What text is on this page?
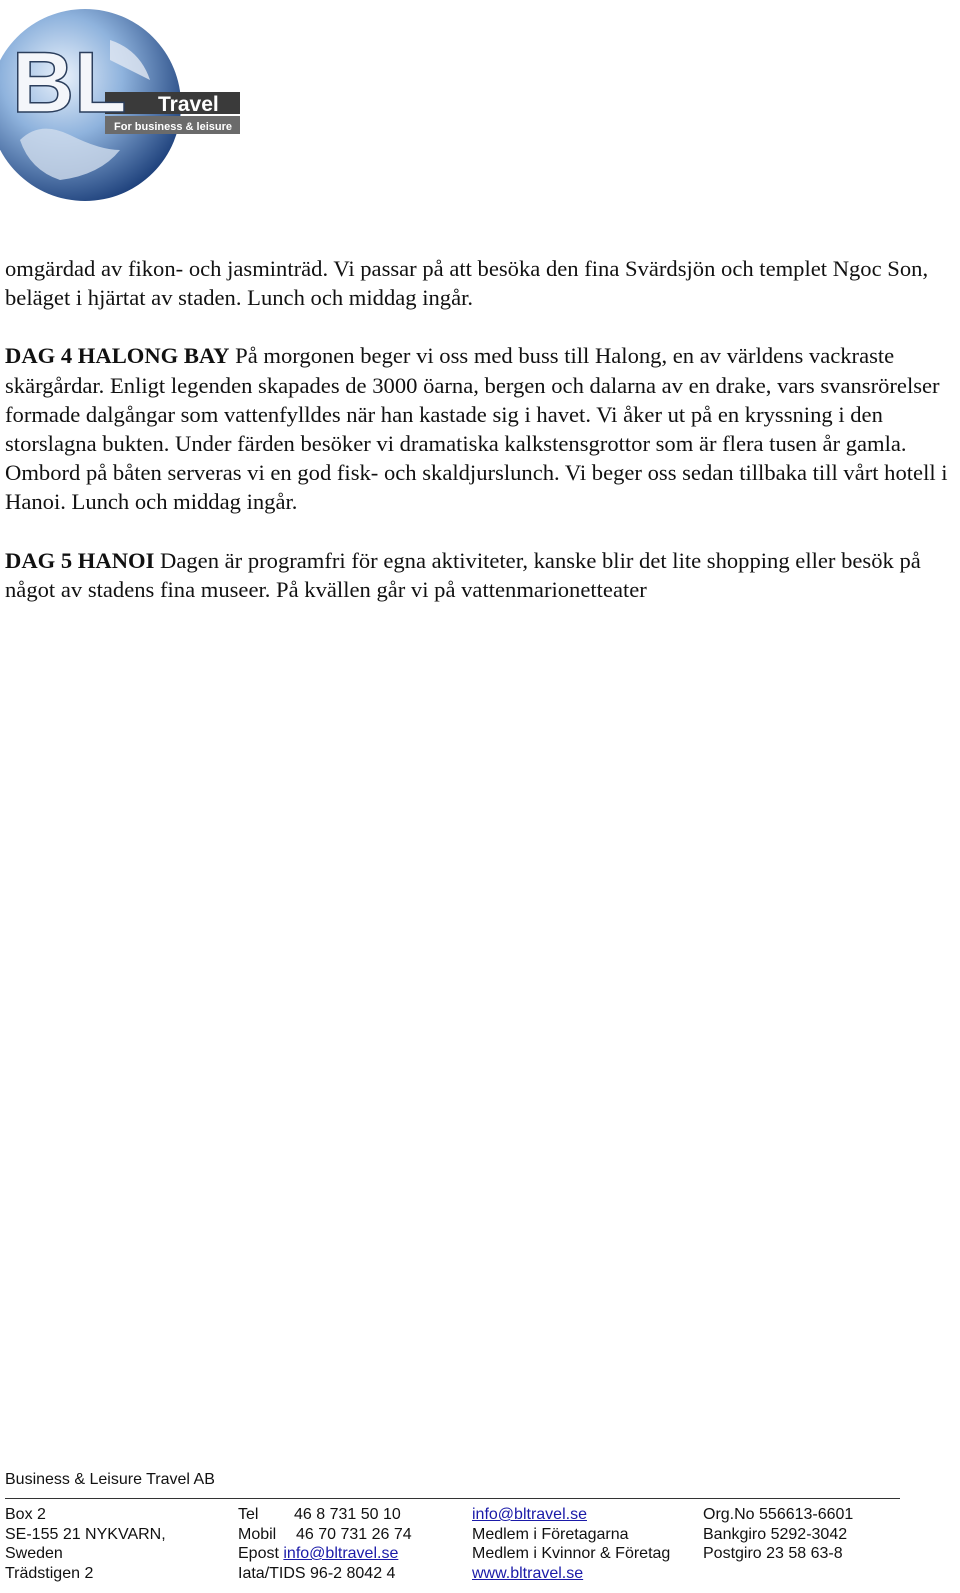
BL Travel
For business & leisure

omgärdad av fikon- och jasminträd. Vi passar på att besöka den fina Svärdsjön och templet Ngoc Son, beläget i hjärtat av staden. Lunch och middag ingår.

DAG 4 HALONG BAY På morgonen beger vi oss med buss till Halong, en av världens vackraste skärgårdar. Enligt legenden skapades de 3000 öarna, bergen och dalarna av en drake, vars svansrörelser formade dalgångar som vattenfylldes när han kastade sig i havet. Vi åker ut på en kryssning i den storslagna bukten. Under färden besöker vi dramatiska kalkstensgrottor som är flera tusen år gamla. Ombord på båten serveras vi en god fisk- och skaldjurslunch. Vi beger oss sedan tillbaka till vårt hotell i Hanoi. Lunch och middag ingår.

DAG 5 HANOI Dagen är programfri för egna aktiviteter, kanske blir det lite shopping eller besök på något av stadens fina museer. På kvällen går vi på vattenmarionetteater

Business & Leisure Travel AB
Box 2
SE-155 21 NYKVARN,
Sweden
Trädstigen 2
Tel 46 8 731 50 10
Mobil 46 70 731 26 74
Epost info@bltravel.se
Iata/TIDS 96-2 8042 4
info@bltravel.se
Medlem i Företagarna
Medlem i Kvinnor & Företag
www.bltravel.se
Org.No 556613-6601
Bankgiro 5292-3042
Postgiro 23 58 63-8
